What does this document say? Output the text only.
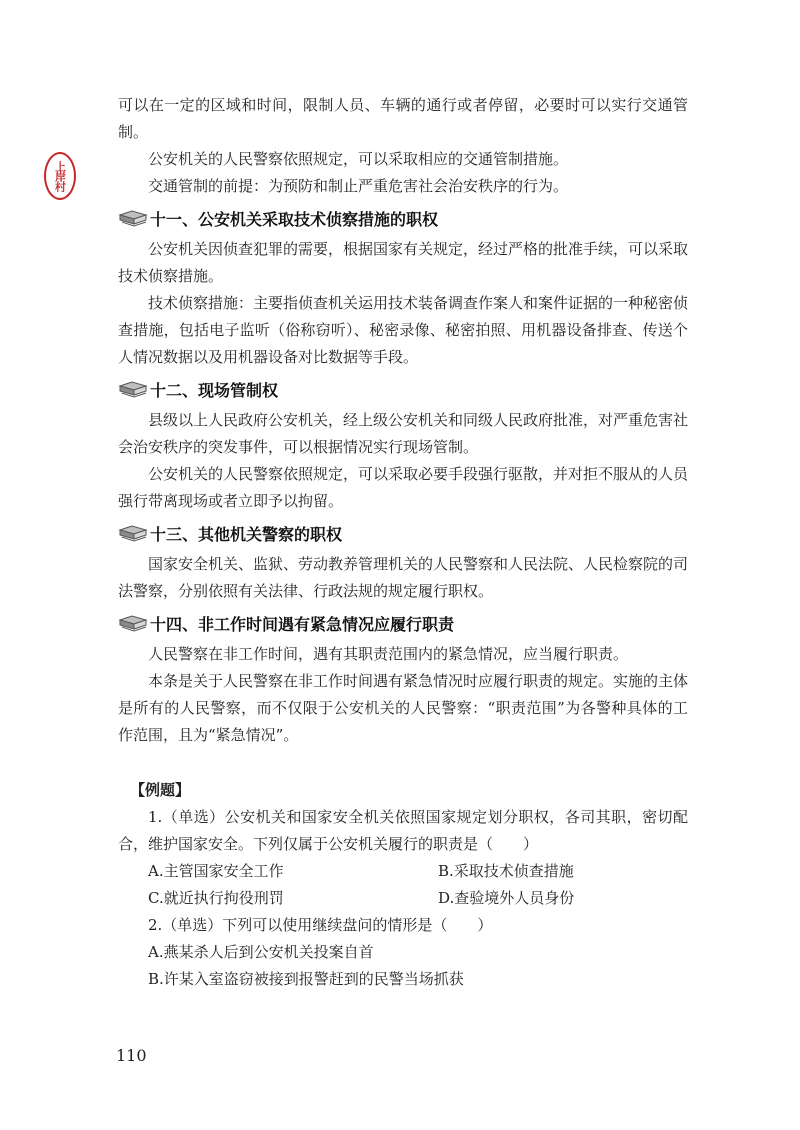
上岸村

可以在一定的区域和时间，限制人员、车辆的通行或者停留，必要时可以实行交通管制。

公安机关的人民警察依照规定，可以采取相应的交通管制措施。

交通管制的前提：为预防和制止严重危害社会治安秩序的行为。

十一、公安机关采取技术侦察措施的职权

公安机关因侦查犯罪的需要，根据国家有关规定，经过严格的批准手续，可以采取技术侦察措施。

技术侦察措施：主要指侦查机关运用技术装备调查作案人和案件证据的一种秘密侦查措施，包括电子监听（俗称窃听）、秘密录像、秘密拍照、用机器设备排查、传送个人情况数据以及用机器设备对比数据等手段。

十二、现场管制权

县级以上人民政府公安机关，经上级公安机关和同级人民政府批准，对严重危害社会治安秩序的突发事件，可以根据情况实行现场管制。

公安机关的人民警察依照规定，可以采取必要手段强行驱散，并对拒不服从的人员强行带离现场或者立即予以拘留。

十三、其他机关警察的职权

国家安全机关、监狱、劳动教养管理机关的人民警察和人民法院、人民检察院的司法警察，分别依照有关法律、行政法规的规定履行职权。

十四、非工作时间遇有紧急情况应履行职责

人民警察在非工作时间，遇有其职责范围内的紧急情况，应当履行职责。

本条是关于人民警察在非工作时间遇有紧急情况时应履行职责的规定。实施的主体是所有的人民警察，而不仅限于公安机关的人民警察：“职责范围”为各警种具体的工作范围，且为“紧急情况”。

【例题】

1.（单选）公安机关和国家安全机关依照国家规定划分职权，各司其职，密切配合，维护国家安全。下列仅属于公安机关履行的职责是（　　）

A.主管国家安全工作	B.采取技术侦查措施
C.就近执行拘役刑罚	D.查验境外人员身份

2.（单选）下列可以使用继续盘问的情形是（　　）

A.燕某杀人后到公安机关投案自首
B.许某入室盗窃被接到报警赶到的民警当场抓获
110
